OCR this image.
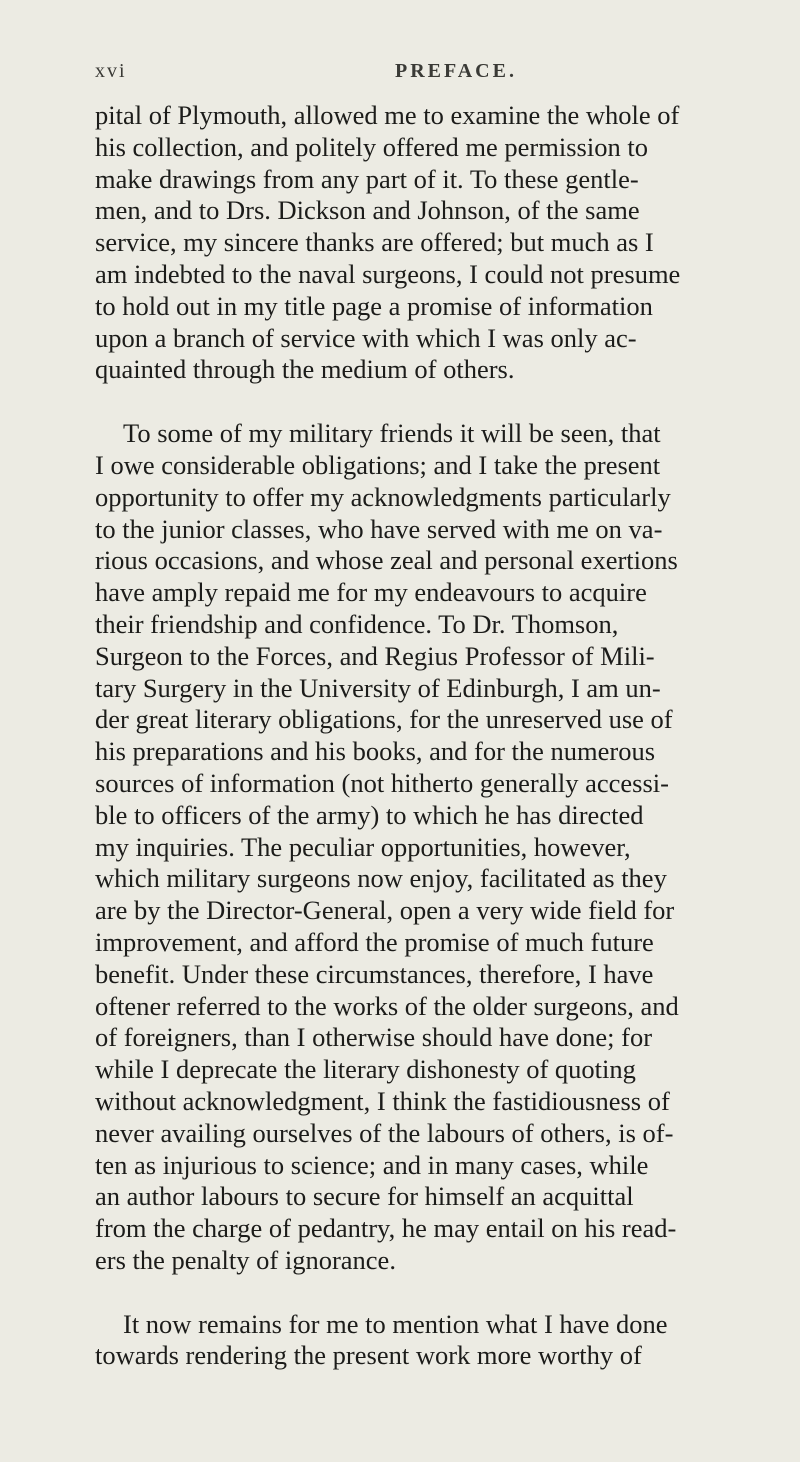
xvi	PREFACE.

pital of Plymouth, allowed me to examine the whole of
his collection, and politely offered me permission to
make drawings from any part of it. To these gentle-
men, and to Drs. Dickson and Johnson, of the same
service, my sincere thanks are offered; but much as I
am indebted to the naval surgeons, I could not presume
to hold out in my title page a promise of information
upon a branch of service with which I was only ac-
quainted through the medium of others.

To some of my military friends it will be seen, that
I owe considerable obligations; and I take the present
opportunity to offer my acknowledgments particularly
to the junior classes, who have served with me on va-
rious occasions, and whose zeal and personal exertions
have amply repaid me for my endeavours to acquire
their friendship and confidence. To Dr. Thomson,
Surgeon to the Forces, and Regius Professor of Mili-
tary Surgery in the University of Edinburgh, I am un-
der great literary obligations, for the unreserved use of
his preparations and his books, and for the numerous
sources of information (not hitherto generally accessi-
ble to officers of the army) to which he has directed
my inquiries. The peculiar opportunities, however,
which military surgeons now enjoy, facilitated as they
are by the Director-General, open a very wide field for
improvement, and afford the promise of much future
benefit. Under these circumstances, therefore, I have
oftener referred to the works of the older surgeons, and
of foreigners, than I otherwise should have done; for
while I deprecate the literary dishonesty of quoting
without acknowledgment, I think the fastidiousness of
never availing ourselves of the labours of others, is of-
ten as injurious to science; and in many cases, while
an author labours to secure for himself an acquittal
from the charge of pedantry, he may entail on his read-
ers the penalty of ignorance.

It now remains for me to mention what I have done
towards rendering the present work more worthy of
